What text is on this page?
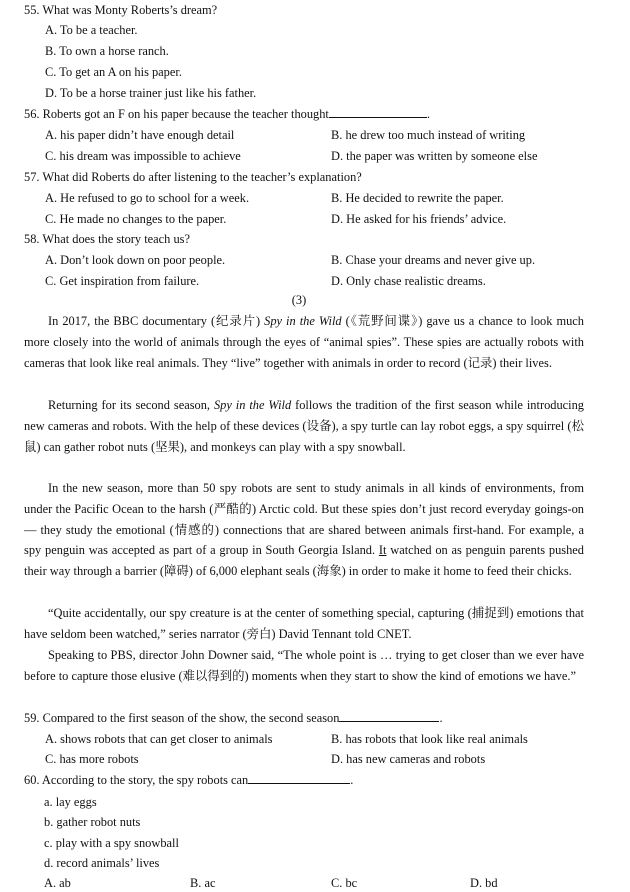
55. What was Monty Roberts’s dream?
A. To be a teacher.
B. To own a horse ranch.
C. To get an A on his paper.
D. To be a horse trainer just like his father.
56. Roberts got an F on his paper because the teacher thought	.
A. his paper didn’t have enough detail	B. he drew too much instead of writing
C. his dream was impossible to achieve	D. the paper was written by someone else
57. What did Roberts do after listening to the teacher’s explanation?
A. He refused to go to school for a week.	B. He decided to rewrite the paper.
C. He made no changes to the paper.	D. He asked for his friends’ advice.
58. What does the story teach us?
A. Don’t look down on poor people.	B. Chase your dreams and never give up.
C. Get inspiration from failure.	D. Only chase realistic dreams.
(3)
In 2017, the BBC documentary (纪录片) Spy in the Wild (《荒野间谍》) gave us a chance to look much more closely into the world of animals through the eyes of “animal spies”. These spies are actually robots with cameras that look like real animals. They “live” together with animals in order to record (记录) their lives.
Returning for its second season, Spy in the Wild follows the tradition of the first season while introducing new cameras and robots. With the help of these devices (设备), a spy turtle can lay robot eggs, a spy squirrel (松鼠) can gather robot nuts (坚果), and monkeys can play with a spy snowball.
In the new season, more than 50 spy robots are sent to study animals in all kinds of environments, from under the Pacific Ocean to the harsh (严酷的) Arctic cold. But these spies don’t just record everyday goings-on — they study the emotional (情感的) connections that are shared between animals first-hand. For example, a spy penguin was accepted as part of a group in South Georgia Island. It watched on as penguin parents pushed their way through a barrier (障碍) of 6,000 elephant seals (海象) in order to make it home to feed their chicks.
“Quite accidentally, our spy creature is at the center of something special, capturing (捕捉到) emotions that have seldom been watched,” series narrator (旁白) David Tennant told CNET.
Speaking to PBS, director John Downer said, “The whole point is … trying to get closer than we ever have before to capture those elusive (难以得到的) moments when they start to show the kind of emotions we have.”
59. Compared to the first season of the show, the second season	.
A. shows robots that can get closer to animals	B. has robots that look like real animals
C. has more robots	D. has new cameras and robots
60. According to the story, the spy robots can	.
a. lay eggs
b. gather robot nuts
c. play with a spy snowball
d. record animals’ lives
A. ab	B. ac	C. bc	D. bd
